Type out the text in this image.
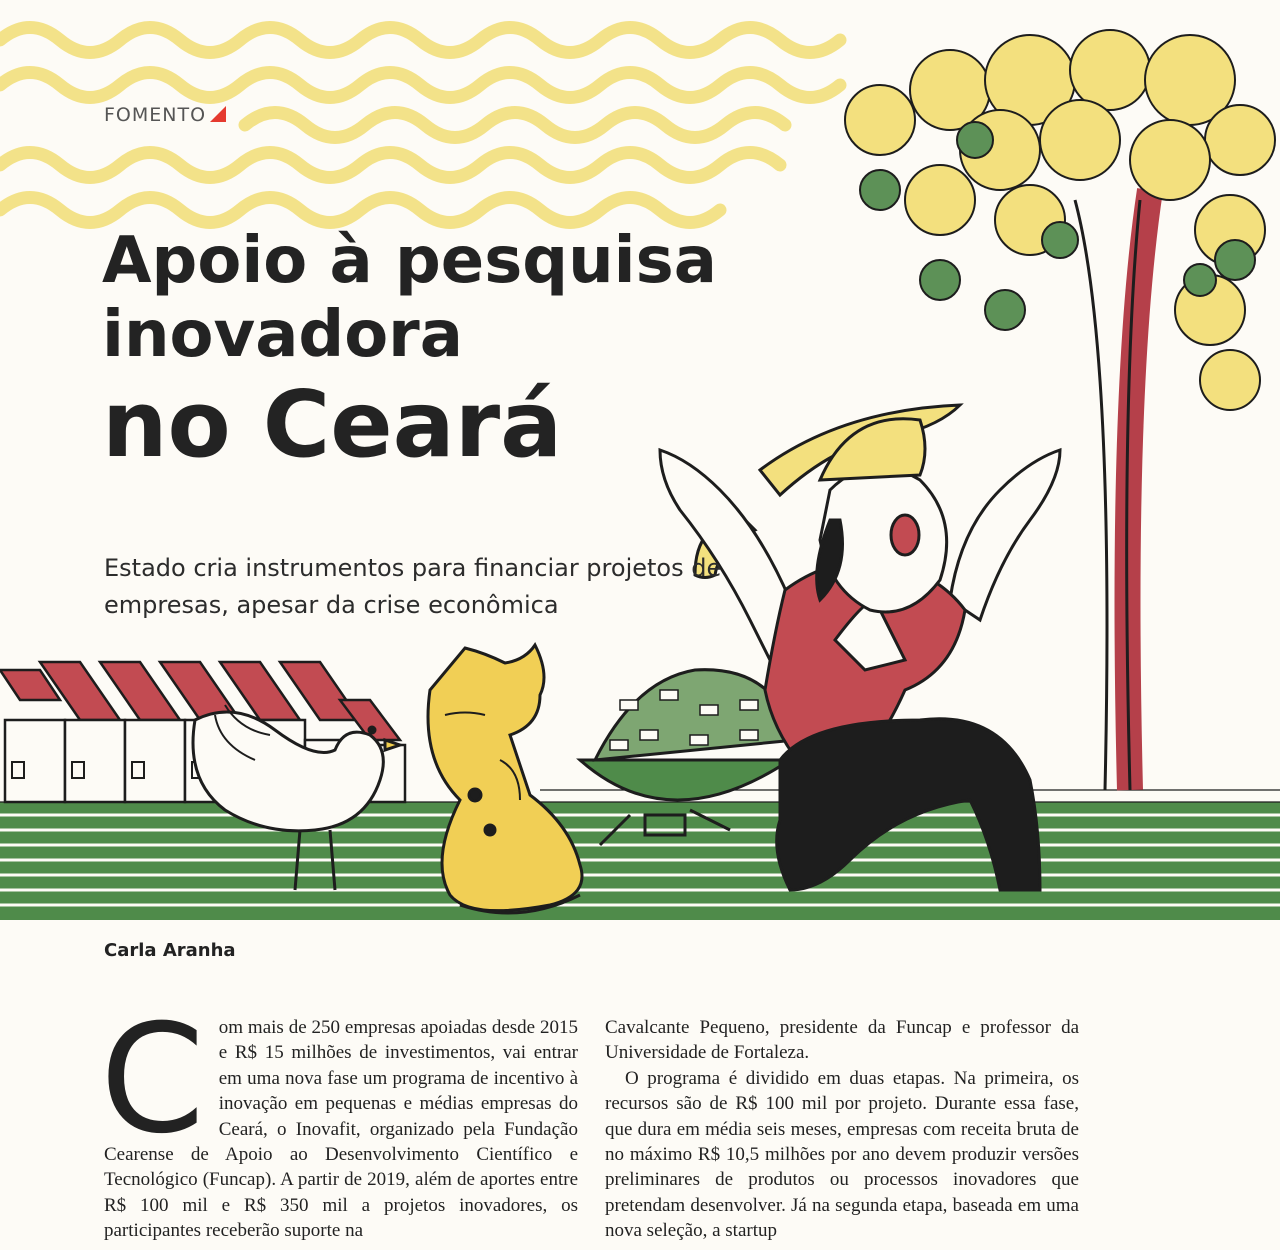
FOMENTO
Apoio à pesquisa
inovadora
no Ceará
Estado cria instrumentos para financiar projetos de empresas, apesar da crise econômica
Carla Aranha

Com mais de 250 empresas apoiadas desde 2015 e R$ 15 milhões de investimentos, vai entrar em uma nova fase um programa de incentivo à inovação em pequenas e médias empresas do Ceará, o Inovafit, organizado pela Fundação Cearense de Apoio ao Desenvolvimento Científico e Tecnológico (Funcap). A partir de 2019, além de aportes entre R$ 100 mil e R$ 350 mil a projetos inovadores, os participantes receberão suporte na

Cavalcante Pequeno, presidente da Funcap e professor da Universidade de Fortaleza.

O programa é dividido em duas etapas. Na primeira, os recursos são de R$ 100 mil por projeto. Durante essa fase, que dura em média seis meses, empresas com receita bruta de no máximo R$ 10,5 milhões por ano devem produzir versões preliminares de produtos ou processos inovadores que pretendam desenvolver. Já na segunda etapa, baseada em uma nova seleção, a startup
